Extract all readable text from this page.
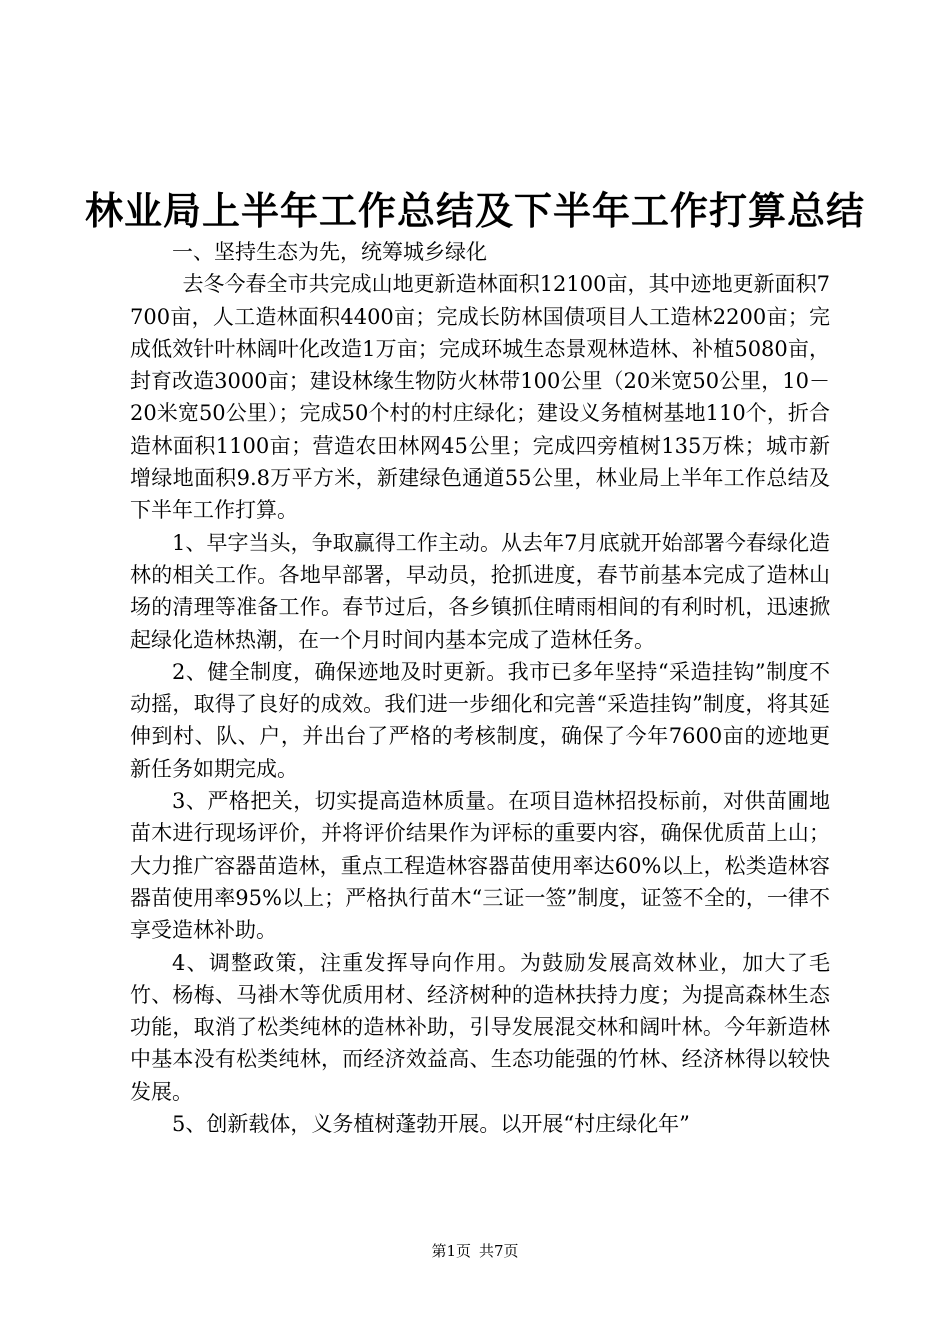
林业局上半年工作总结及下半年工作打算总结

一、坚持生态为先，统筹城乡绿化

去冬今春全市共完成山地更新造林面积12100亩，其中迹地更新面积7700亩，人工造林面积4400亩；完成长防林国债项目人工造林2200亩；完成低效针叶林阔叶化改造1万亩；完成环城生态景观林造林、补植5080亩，封育改造3000亩；建设林缘生物防火林带100公里（20米宽50公里，10－20米宽50公里）；完成50个村的村庄绿化；建设义务植树基地110个，折合造林面积1100亩；营造农田林网45公里；完成四旁植树135万株；城市新增绿地面积9.8万平方米，新建绿色通道55公里，林业局上半年工作总结及下半年工作打算。

1、早字当头，争取赢得工作主动。从去年7月底就开始部署今春绿化造林的相关工作。各地早部署，早动员，抢抓进度，春节前基本完成了造林山场的清理等准备工作。春节过后，各乡镇抓住晴雨相间的有利时机，迅速掀起绿化造林热潮，在一个月时间内基本完成了造林任务。

2、健全制度，确保迹地及时更新。我市已多年坚持“采造挂钩”制度不动摇，取得了良好的成效。我们进一步细化和完善“采造挂钩”制度，将其延伸到村、队、户，并出台了严格的考核制度，确保了今年7600亩的迹地更新任务如期完成。

3、严格把关，切实提高造林质量。在项目造林招投标前，对供苗圃地苗木进行现场评价，并将评价结果作为评标的重要内容，确保优质苗上山；大力推广容器苗造林，重点工程造林容器苗使用率达60%以上，松类造林容器苗使用率95%以上；严格执行苗木“三证一签”制度，证签不全的，一律不享受造林补助。

4、调整政策，注重发挥导向作用。为鼓励发展高效林业，加大了毛竹、杨梅、马褂木等优质用材、经济树种的造林扶持力度；为提高森林生态功能，取消了松类纯林的造林补助，引导发展混交林和阔叶林。今年新造林中基本没有松类纯林，而经济效益高、生态功能强的竹林、经济林得以较快发展。

5、创新载体，义务植树蓬勃开展。以开展“村庄绿化年”

第1页 共7页
